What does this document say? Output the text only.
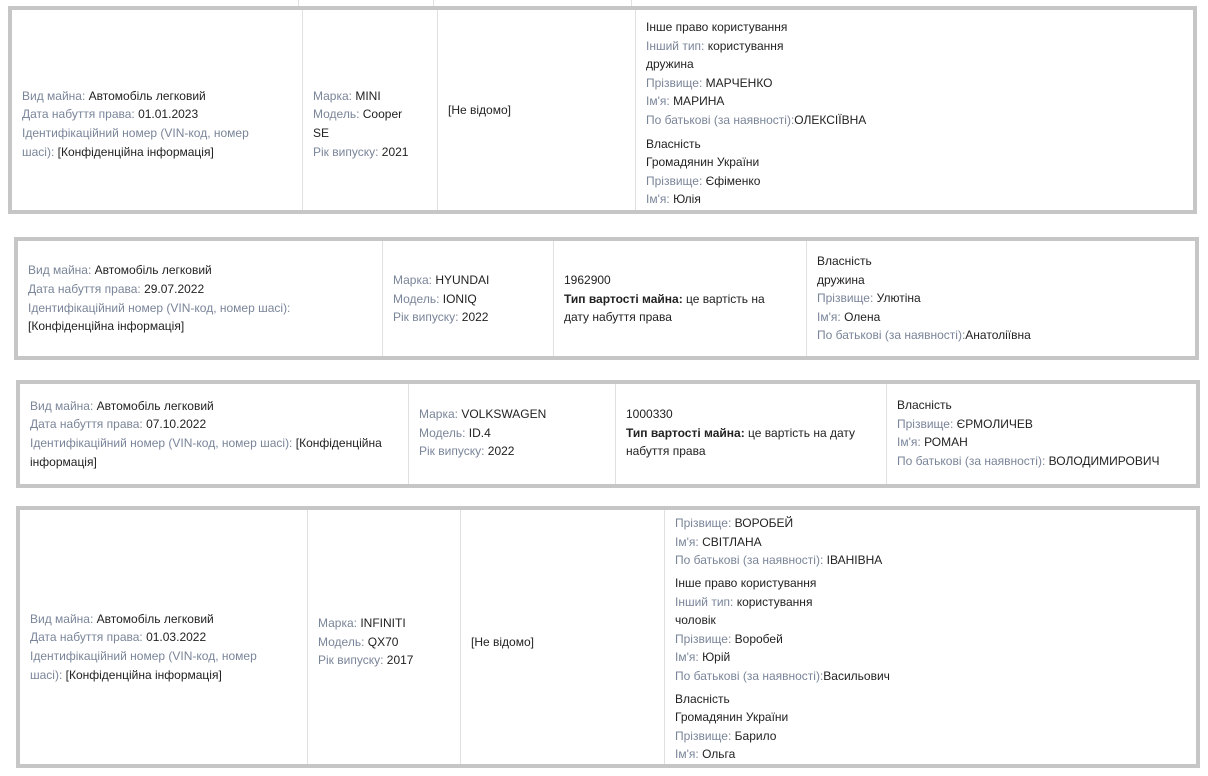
Вид майна: Автомобіль легковий
Дата набуття права: 01.01.2023
Ідентифікаційний номер (VIN-код, номер
шасі): [Конфіденційна інформація]
Марка: MINI
Модель: Cooper
SE
Рік випуску: 2021
[Не відомо]
Інше право користування
Інший тип: користування
дружина
Прізвище: МАРЧЕНКО
Ім'я: МАРИНА
По батькові (за наявності):ОЛЕКСІЇВНА
Власність
Громадянин України
Прізвище: Єфіменко
Ім'я: Юлія
Вид майна: Автомобіль легковий
Дата набуття права: 29.07.2022
Ідентифікаційний номер (VIN-код, номер шасі):
[Конфіденційна інформація]
Марка: HYUNDAI
Модель: IONIQ
Рік випуску: 2022
1962900
Тип вартості майна: це вартість на
дату набуття права
Власність
дружина
Прізвище: Улютіна
Ім'я: Олена
По батькові (за наявності):Анатоліївна
Вид майна: Автомобіль легковий
Дата набуття права: 07.10.2022
Ідентифікаційний номер (VIN-код, номер шасі): [Конфіденційна
інформація]
Марка: VOLKSWAGEN
Модель: ID.4
Рік випуску: 2022
1000330
Тип вартості майна: це вартість на дату
набуття права
Власність
Прізвище: ЄРМОЛИЧЕВ
Ім'я: РОМАН
По батькові (за наявності): ВОЛОДИМИРОВИЧ
Вид майна: Автомобіль легковий
Дата набуття права: 01.03.2022
Ідентифікаційний номер (VIN-код, номер
шасі): [Конфіденційна інформація]
Марка: INFINITI
Модель: QX70
Рік випуску: 2017
[Не відомо]
Прізвище: ВОРОБЕЙ
Ім'я: СВІТЛАНА
По батькові (за наявності): ІВАНІВНА
Інше право користування
Інший тип: користування
чоловік
Прізвище: Воробей
Ім'я: Юрій
По батькові (за наявності):Васильович
Власність
Громадянин України
Прізвище: Барило
Ім'я: Ольга
